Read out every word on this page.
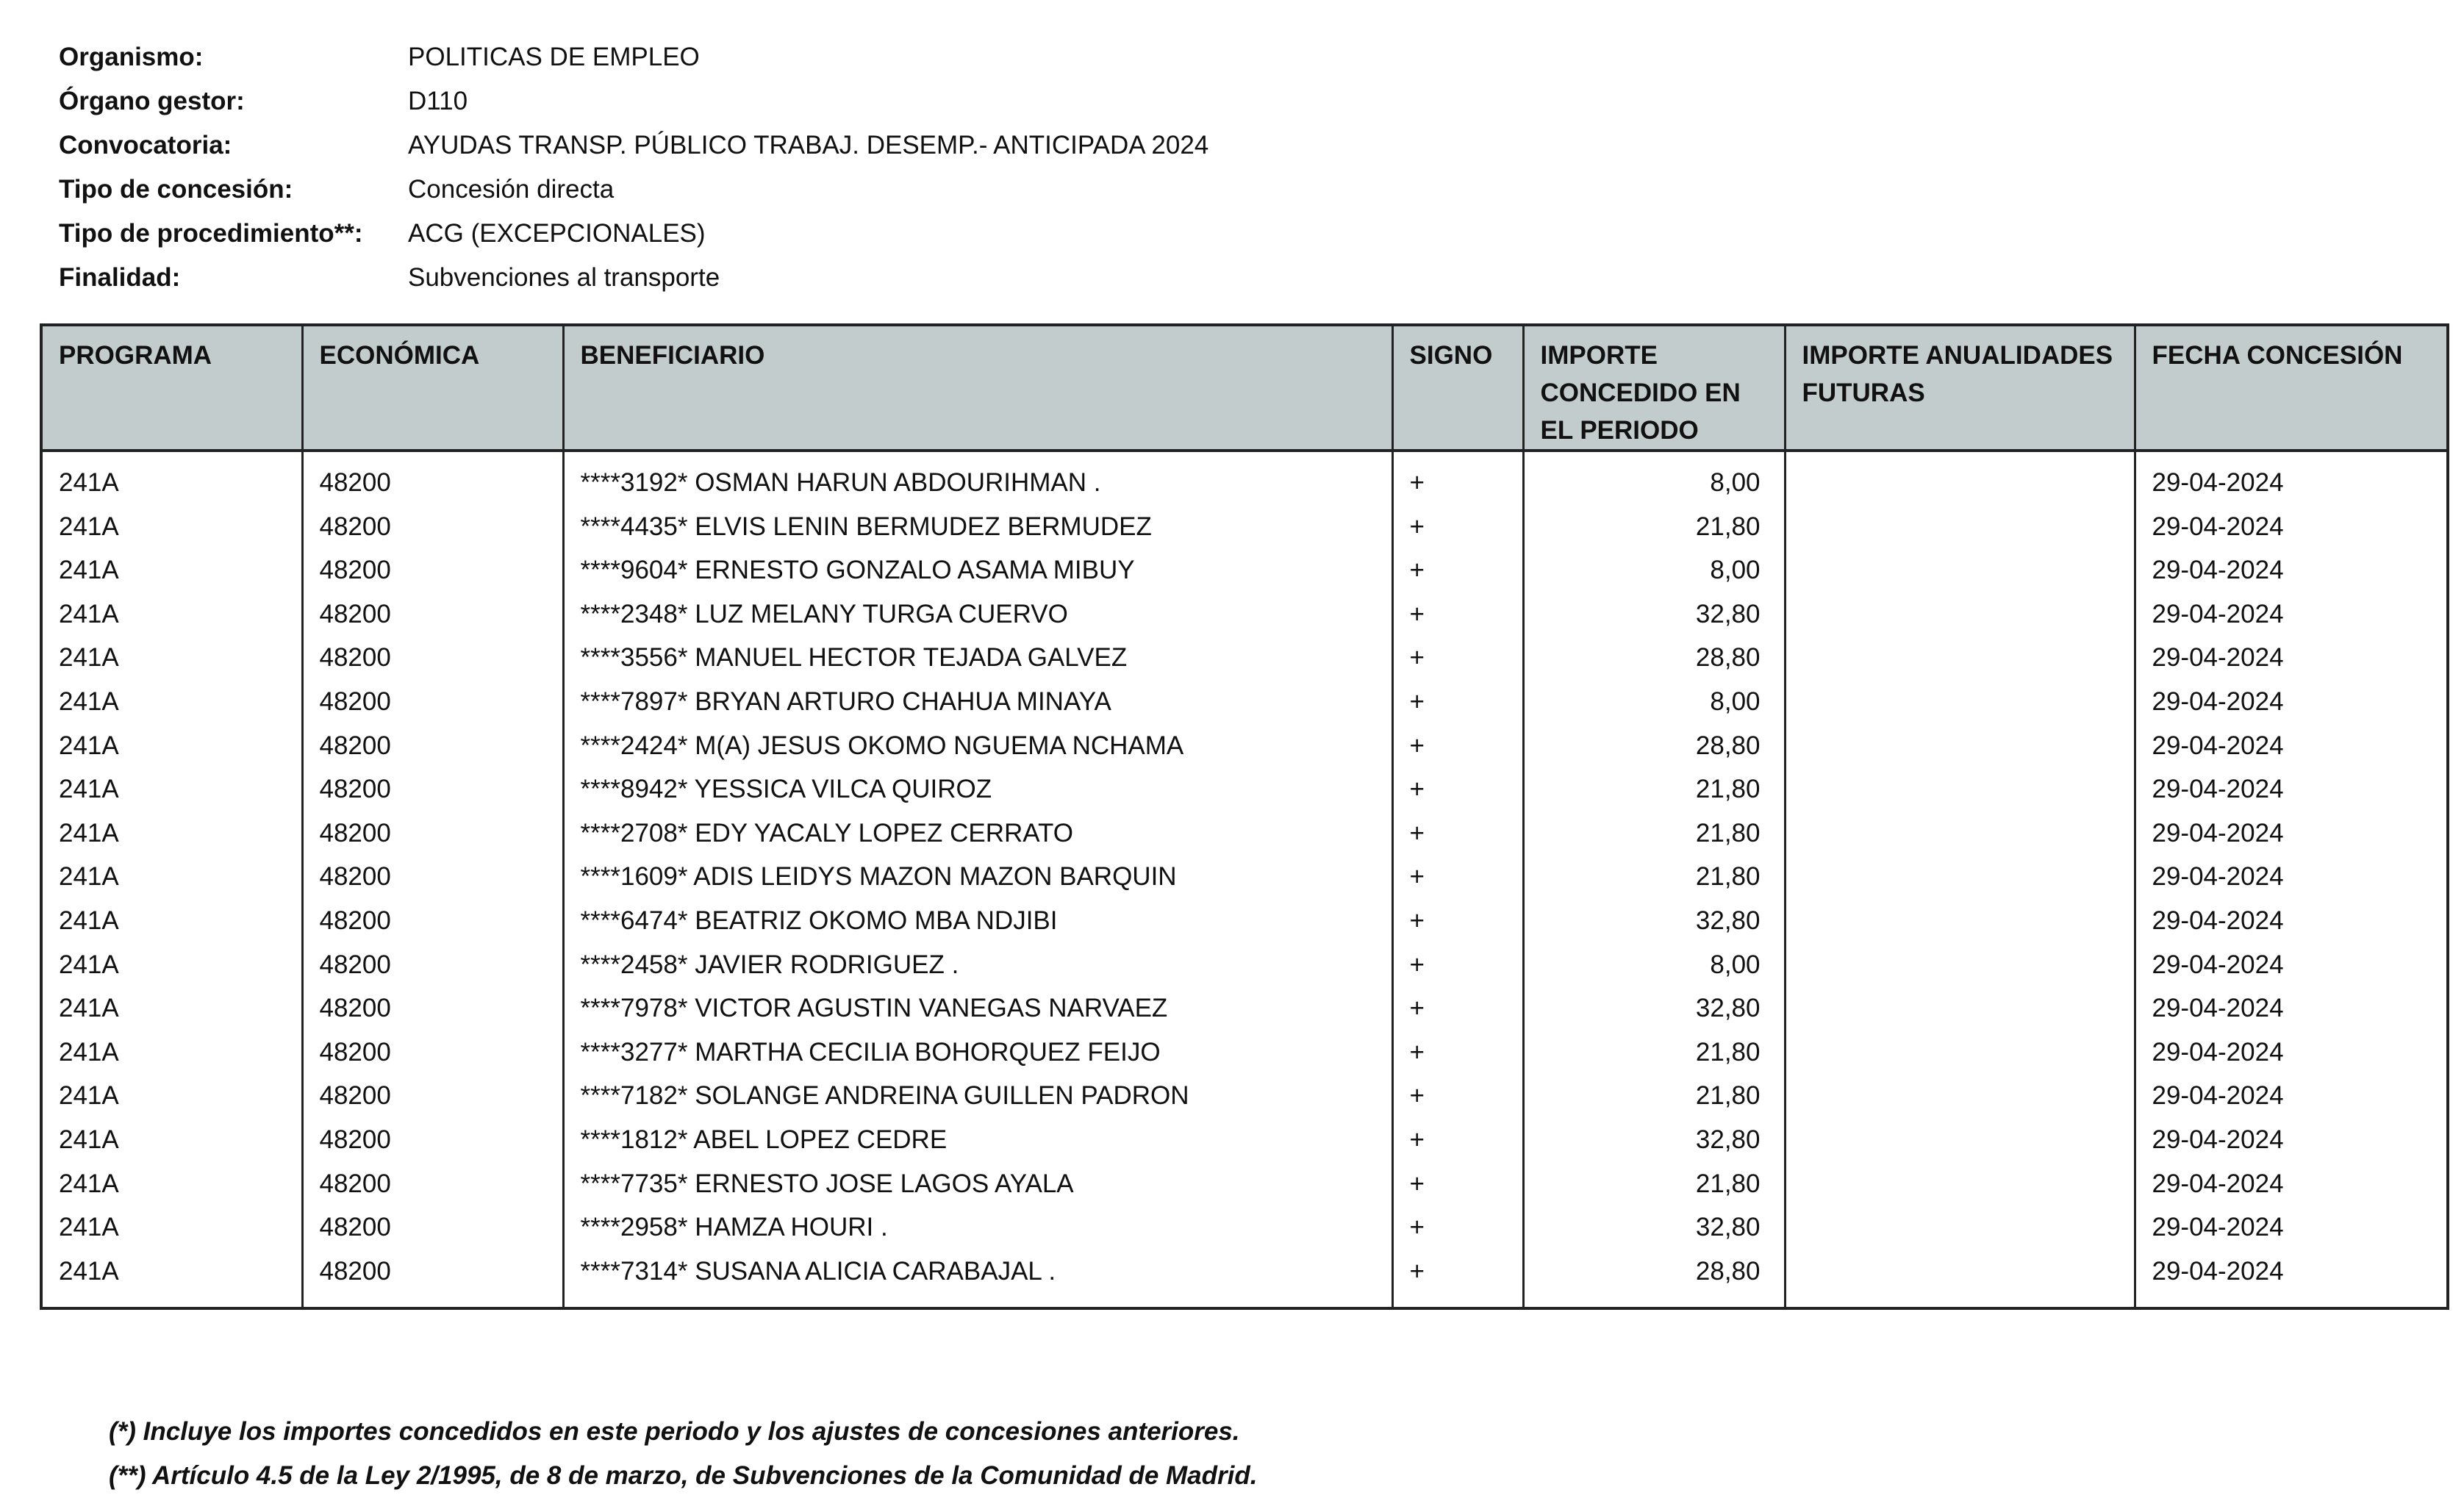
Organismo:	POLITICAS DE EMPLEO
Órgano gestor:	D110
Convocatoria:	AYUDAS TRANSP. PÚBLICO TRABAJ. DESEMP.- ANTICIPADA 2024
Tipo de concesión:	Concesión directa
Tipo de procedimiento**:	ACG (EXCEPCIONALES)
Finalidad:	Subvenciones al transporte
PROGRAMA	ECONÓMICA	BENEFICIARIO	SIGNO	IMPORTE CONCEDIDO EN EL PERIODO	IMPORTE ANUALIDADES FUTURAS	FECHA CONCESIÓN
241A	48200	****3192* OSMAN HARUN ABDOURIHMAN .	+	8,00		29-04-2024
241A	48200	****4435* ELVIS LENIN BERMUDEZ BERMUDEZ	+	21,80		29-04-2024
241A	48200	****9604* ERNESTO GONZALO ASAMA MIBUY	+	8,00		29-04-2024
241A	48200	****2348* LUZ MELANY TURGA CUERVO	+	32,80		29-04-2024
241A	48200	****3556* MANUEL HECTOR TEJADA GALVEZ	+	28,80		29-04-2024
241A	48200	****7897* BRYAN ARTURO CHAHUA MINAYA	+	8,00		29-04-2024
241A	48200	****2424* M(A) JESUS OKOMO NGUEMA NCHAMA	+	28,80		29-04-2024
241A	48200	****8942* YESSICA VILCA QUIROZ	+	21,80		29-04-2024
241A	48200	****2708* EDY YACALY LOPEZ CERRATO	+	21,80		29-04-2024
241A	48200	****1609* ADIS LEIDYS MAZON MAZON BARQUIN	+	21,80		29-04-2024
241A	48200	****6474* BEATRIZ OKOMO MBA NDJIBI	+	32,80		29-04-2024
241A	48200	****2458* JAVIER RODRIGUEZ .	+	8,00		29-04-2024
241A	48200	****7978* VICTOR AGUSTIN VANEGAS NARVAEZ	+	32,80		29-04-2024
241A	48200	****3277* MARTHA CECILIA BOHORQUEZ FEIJO	+	21,80		29-04-2024
241A	48200	****7182* SOLANGE ANDREINA GUILLEN PADRON	+	21,80		29-04-2024
241A	48200	****1812* ABEL LOPEZ CEDRE	+	32,80		29-04-2024
241A	48200	****7735* ERNESTO JOSE LAGOS AYALA	+	21,80		29-04-2024
241A	48200	****2958* HAMZA HOURI .	+	32,80		29-04-2024
241A	48200	****7314* SUSANA ALICIA CARABAJAL .	+	28,80		29-04-2024

(*) Incluye los importes concedidos en este periodo y los ajustes de concesiones anteriores.
(**) Artículo 4.5 de la Ley 2/1995, de 8 de marzo, de Subvenciones de la Comunidad de Madrid.
